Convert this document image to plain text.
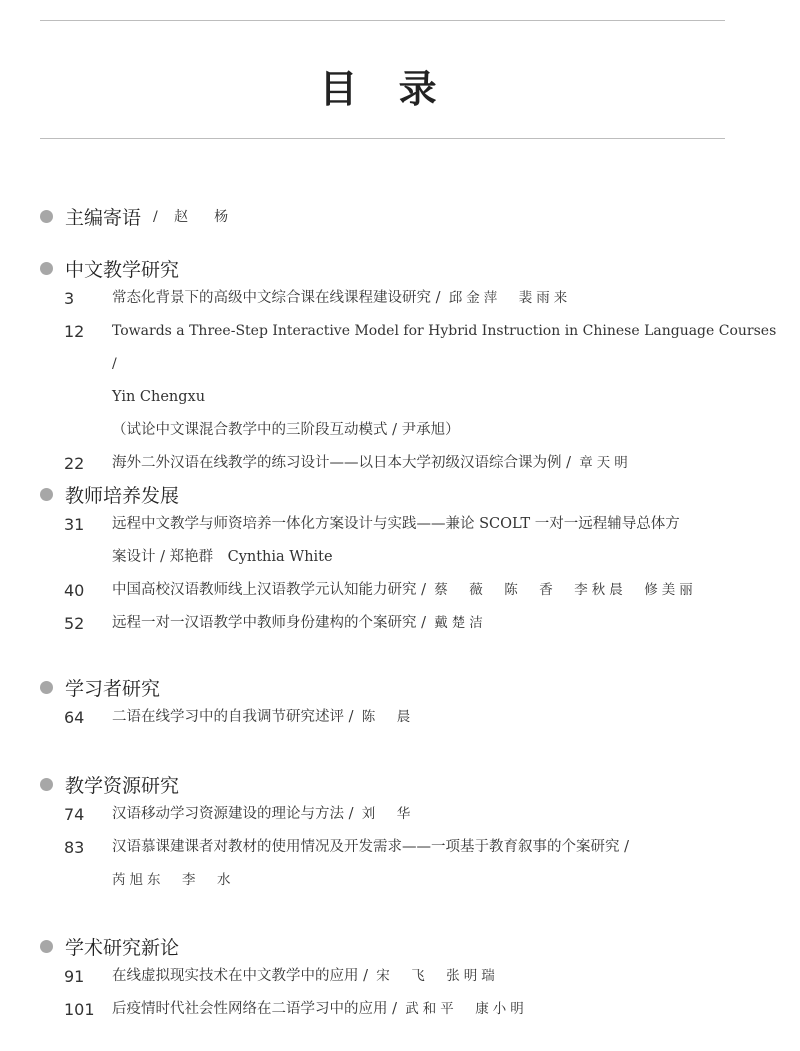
目 录
主编寄语 / 赵　杨
中文教学研究
3	常态化背景下的高级中文综合课在线课程建设研究 / 邱金萍　裴雨来
12	Towards a Three-Step Interactive Model for Hybrid Instruction in Chinese Language Courses /
Yin Chengxu
（试论中文课混合教学中的三阶段互动模式 / 尹承旭）
22	海外二外汉语在线教学的练习设计——以日本大学初级汉语综合课为例 / 章天明
教师培养发展
31	远程中文教学与师资培养一体化方案设计与实践——兼论 SCOLT 一对一远程辅导总体方
案设计 / 郑艳群　Cynthia White
40	中国高校汉语教师线上汉语教学元认知能力研究 / 蔡　薇　陈　香　李秋晨　修美丽
52	远程一对一汉语教学中教师身份建构的个案研究 / 戴楚洁
学习者研究
64	二语在线学习中的自我调节研究述评 / 陈　晨
教学资源研究
74	汉语移动学习资源建设的理论与方法 / 刘　华
83	汉语慕课建课者对教材的使用情况及开发需求——一项基于教育叙事的个案研究 /
芮旭东　李　水
学术研究新论
91	在线虚拟现实技术在中文教学中的应用 / 宋　飞　张明瑞
101	后疫情时代社会性网络在二语学习中的应用 / 武和平　康小明
